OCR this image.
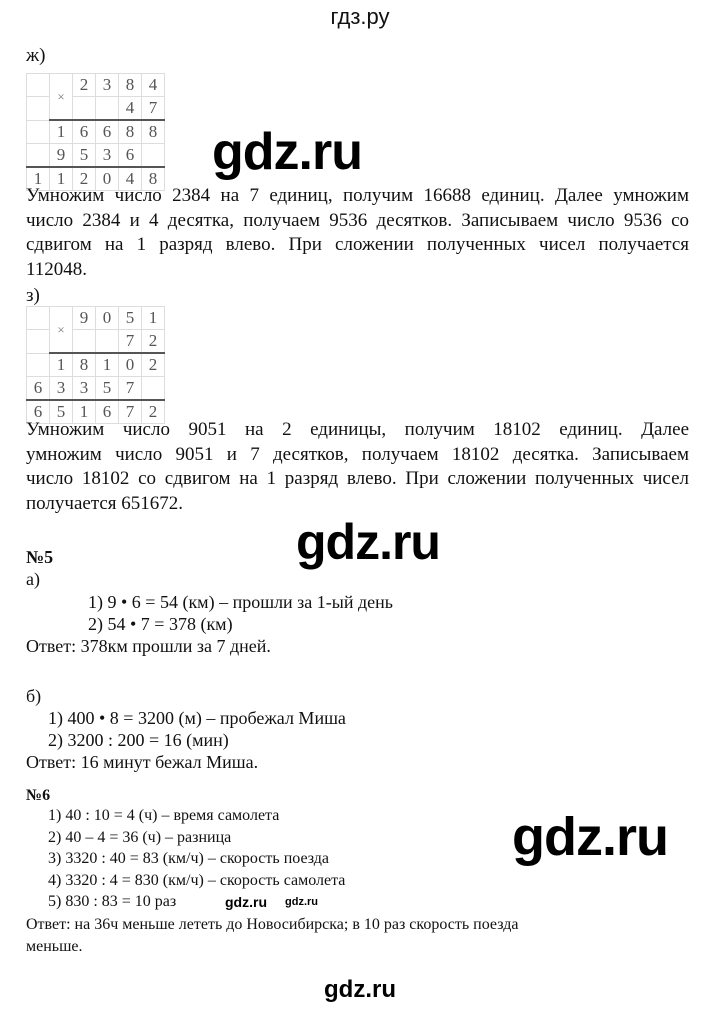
гдз.ру
ж)
	×	2	3	8	4
				4	7
	1	6	6	8	8
	9	5	3	6	
1	1	2	0	4	8 gdz.ru
Умножим число 2384 на 7 единиц, получим 16688 единиц. Далее умножим
число 2384 и 4 десятка, получаем 9536 десятков. Записываем число 9536 со
сдвигом на 1 разряд влево. При сложении полученных чисел получается
112048.
з)
	×	9	0	5	1
				7	2
	1	8	1	0	2
6	3	3	5	7	
6	5	1	6	7	2
Умножим число 9051 на 2 единицы, получим 18102 единиц. Далее
умножим число 9051 и 7 десятков, получаем 18102 десятка. Записываем
число 18102 со сдвигом на 1 разряд влево. При сложении полученных чисел
получается 651672.
gdz.ru
№5
а)
1) 9 • 6 = 54 (км) – прошли за 1-ый день
2) 54 • 7 = 378 (км)
Ответ: 378км прошли за 7 дней.
б)
1) 400 • 8 = 3200 (м) – пробежал Миша
2) 3200 : 200 = 16 (мин)
Ответ: 16 минут бежал Миша.
№6
1) 40 : 10 = 4 (ч) – время самолета
2) 40 – 4 = 36 (ч) – разница
3) 3320 : 40 = 83 (км/ч) – скорость поезда
4) 3320 : 4 = 830 (км/ч) – скорость самолета
5) 830 : 83 = 10 раз
gdz.ru
gdz.ru gdz.ru
Ответ: на 36ч меньше лететь до Новосибирска; в 10 раз скорость поезда
меньше.
gdz.ru
